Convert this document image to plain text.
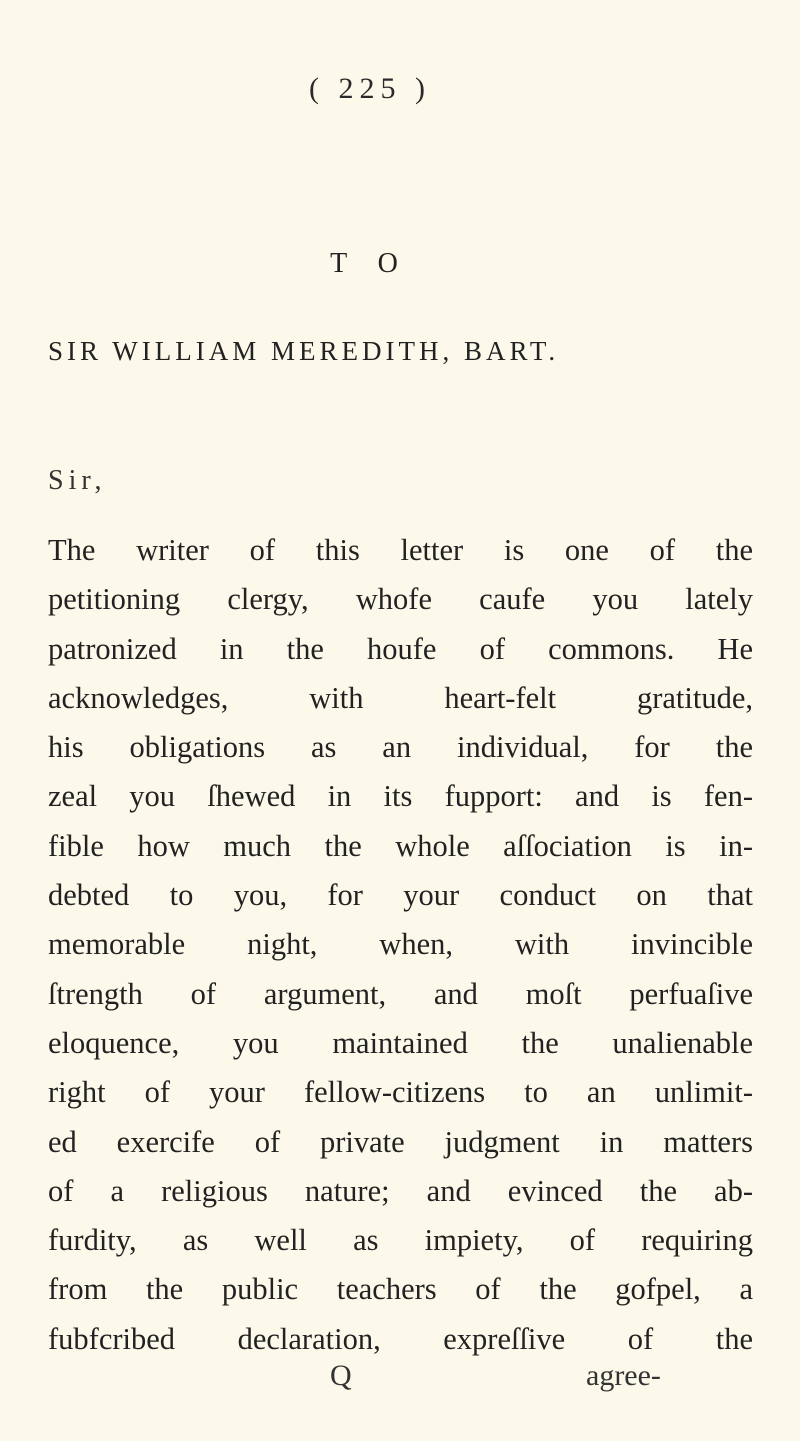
( 225 )
T O
SIR WILLIAM MEREDITH, BART.
Sir,
The writer of this letter is one of the
petitioning clergy, whofe caufe you lately
patronized in the houfe of commons. He
acknowledges, with heart-felt gratitude,
his obligations as an individual, for the
zeal you ſhewed in its fupport: and is fen-
fible how much the whole aſſociation is in-
debted to you, for your conduct on that
memorable night, when, with invincible
ſtrength of argument, and moſt perfuaſive
eloquence, you maintained the unalienable
right of your fellow-citizens to an unlimit-
ed exercife of private judgment in matters
of a religious nature; and evinced the ab-
furdity, as well as impiety, of requiring
from the public teachers of the gofpel, a
fubfcribed declaration, expreſſive of the
Q	agree-
